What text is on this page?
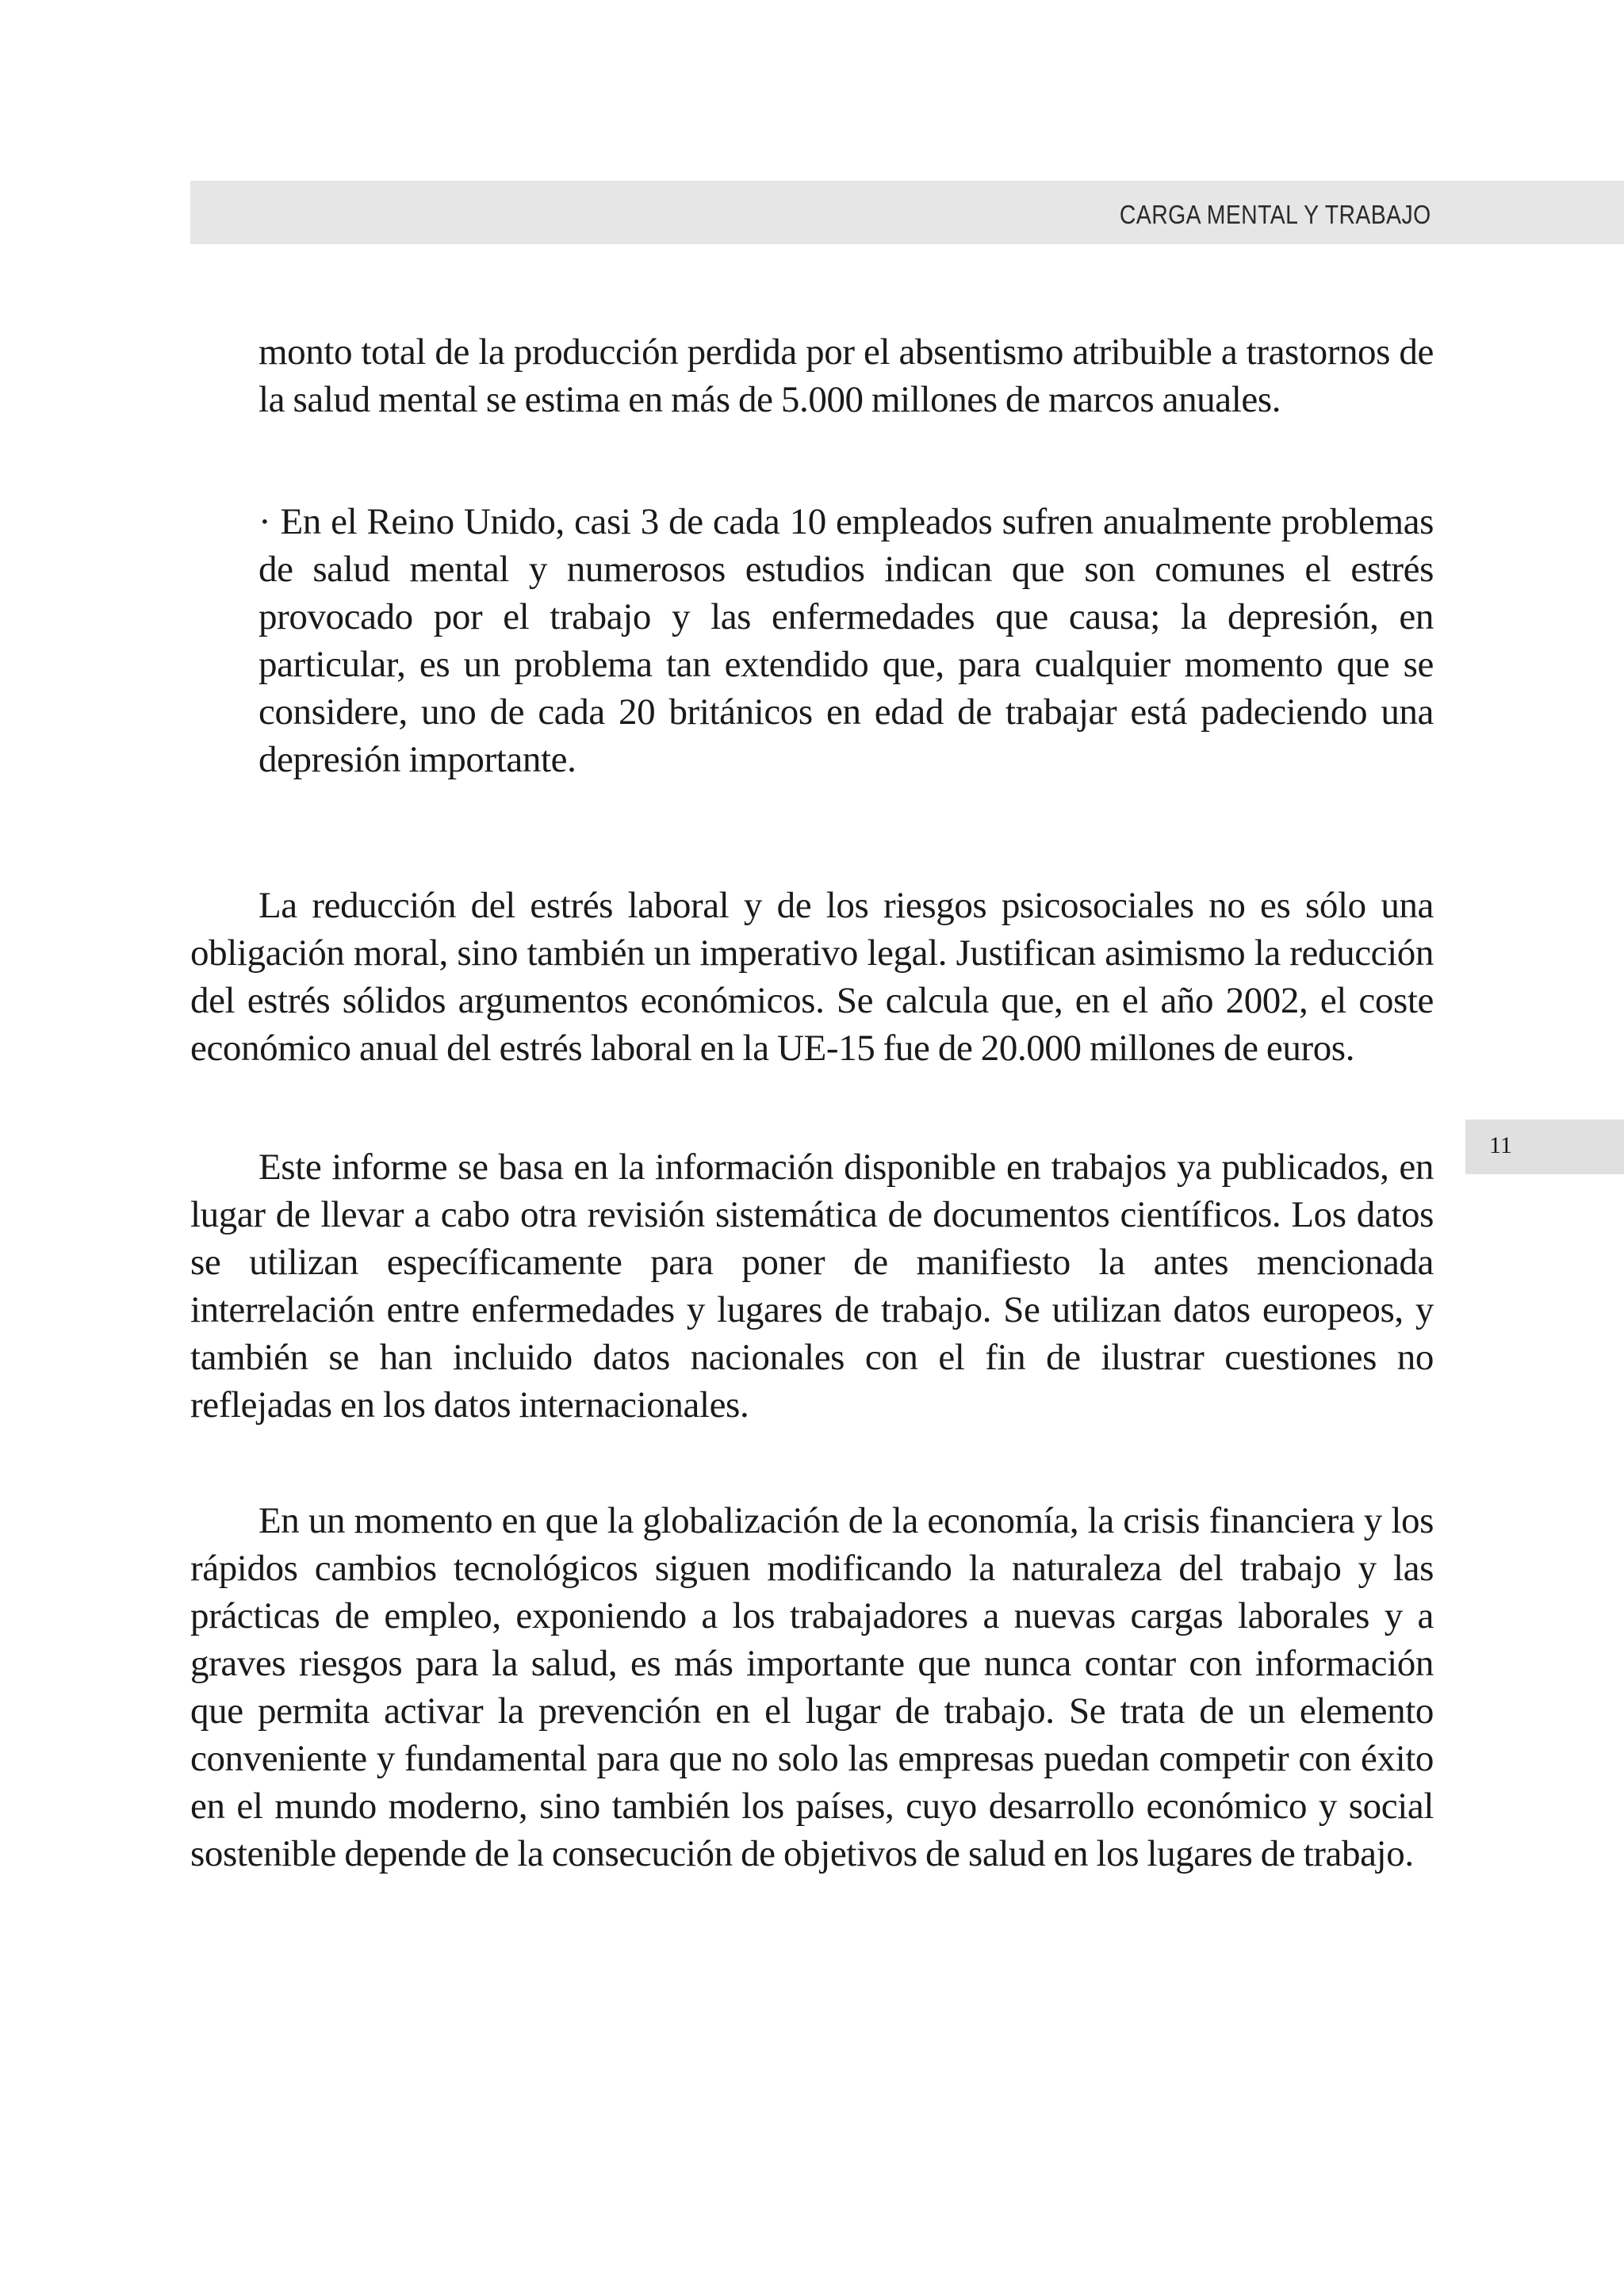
CARGA MENTAL Y TRABAJO
11

monto total de la producción perdida por el absentismo atribuible a trastornos de la salud mental se estima en más de 5.000 millones de marcos anuales.

· En el Reino Unido, casi 3 de cada 10 empleados sufren anualmente problemas de salud mental y numerosos estudios indican que son comunes el estrés provocado por el trabajo y las enfermedades que causa; la depresión, en particular, es un problema tan extendido que, para cualquier momento que se considere, uno de cada 20 británicos en edad de trabajar está padeciendo una depresión importante.

La reducción del estrés laboral y de los riesgos psicosociales no es sólo una obligación moral, sino también un imperativo legal. Justifican asimismo la reducción del estrés sólidos argumentos económicos. Se calcula que, en el año 2002, el coste económico anual del estrés laboral en la UE-15 fue de 20.000 millones de euros.

Este informe se basa en la información disponible en trabajos ya publicados, en lugar de llevar a cabo otra revisión sistemática de documentos científicos. Los datos se utilizan específicamente para poner de manifiesto la antes mencionada interrelación entre enfermedades y lugares de trabajo. Se utilizan datos europeos, y también se han incluido datos nacionales con el fin de ilustrar cuestiones no reflejadas en los datos internacionales.

En un momento en que la globalización de la economía, la crisis financiera y los rápidos cambios tecnológicos siguen modificando la naturaleza del trabajo y las prácticas de empleo, exponiendo a los trabajadores a nuevas cargas laborales y a graves riesgos para la salud, es más importante que nunca contar con información que permita activar la prevención en el lugar de trabajo. Se trata de un elemento conveniente y fundamental para que no solo las empresas puedan competir con éxito en el mundo moderno, sino también los países, cuyo desarrollo económico y social sostenible depende de la consecución de objetivos de salud en los lugares de trabajo.
